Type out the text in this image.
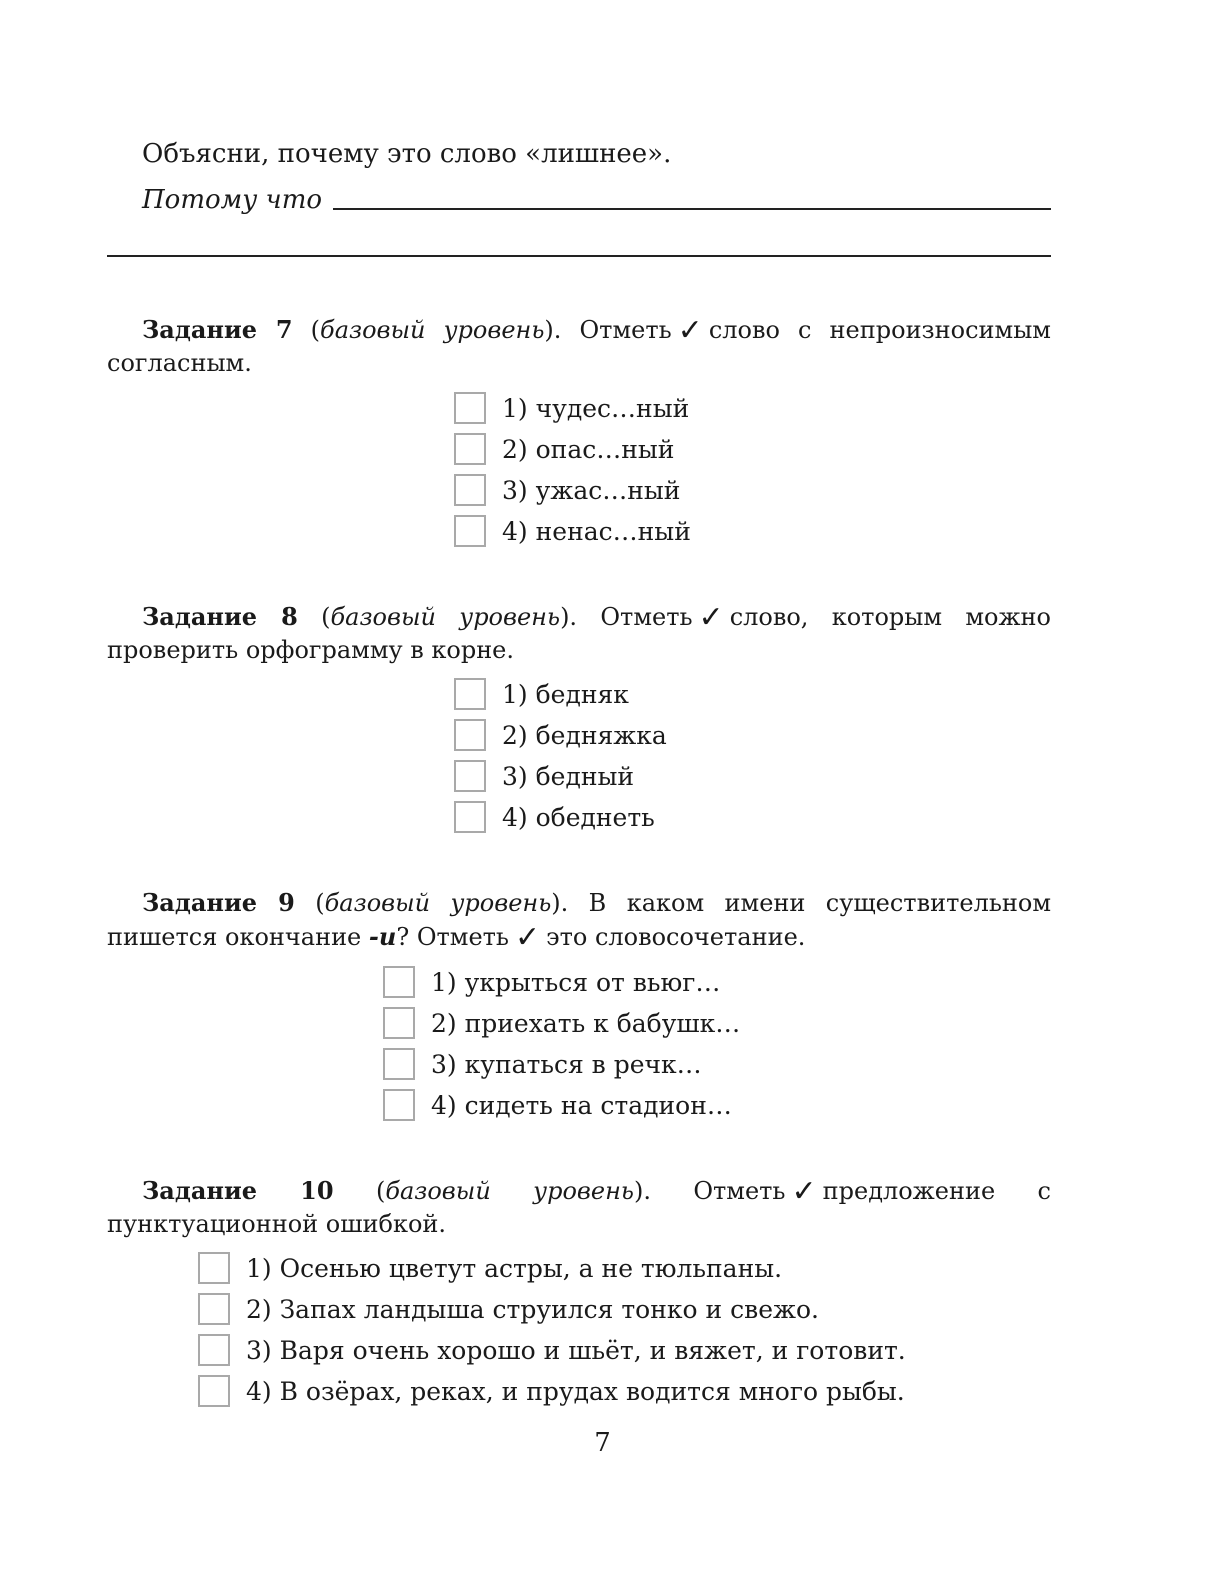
Объясни, почему это слово «лишнее».
Потому что
Задание 7 (базовый уровень). Отметь ✓ слово с непроизносимым согласным.
1) чудес…ный
2) опас…ный
3) ужас…ный
4) ненас…ный
Задание 8 (базовый уровень). Отметь ✓ слово, которым можно проверить орфограмму в корне.
1) бедняк
2) бедняжка
3) бедный
4) обеднеть
Задание 9 (базовый уровень). В каком имени существительном пишется окончание -и? Отметь ✓ это словосочетание.
1) укрыться от вьюг…
2) приехать к бабушк…
3) купаться в речк…
4) сидеть на стадион…
Задание 10 (базовый уровень). Отметь ✓ предложение с пунктуационной ошибкой.
1) Осенью цветут астры, а не тюльпаны.
2) Запах ландыша струился тонко и свежо.
3) Варя очень хорошо и шьёт, и вяжет, и готовит.
4) В озёрах, реках, и прудах водится много рыбы.
7
